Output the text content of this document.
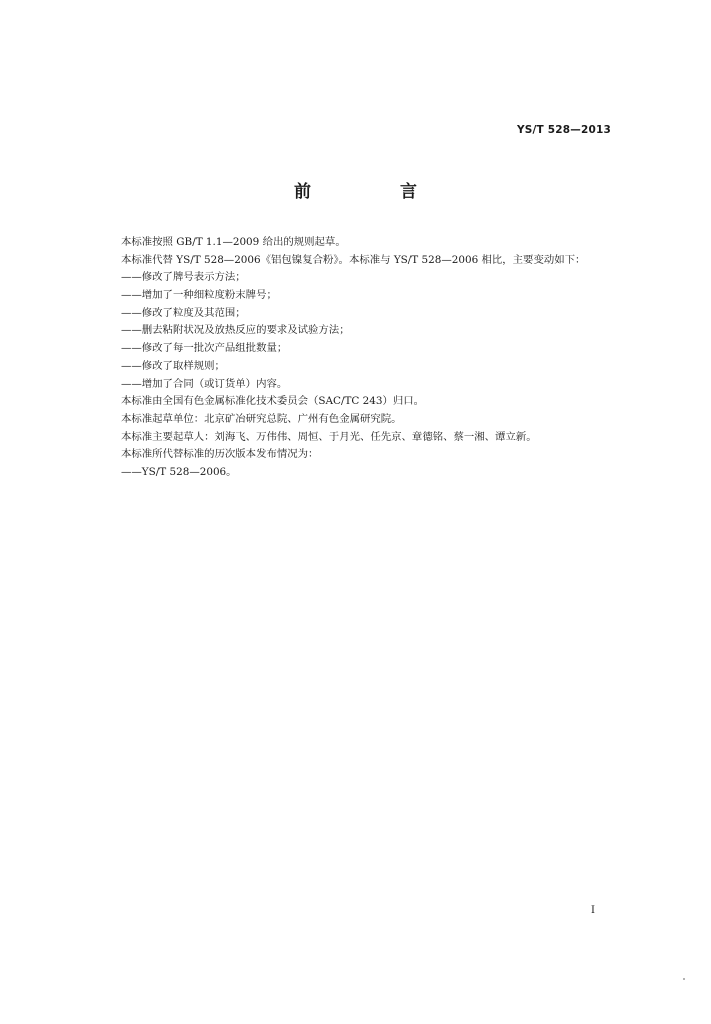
YS/T 528—2013
前　言
本标准按照 GB/T 1.1—2009 给出的规则起草。
本标准代替 YS/T 528—2006《铝包镍复合粉》。本标准与 YS/T 528—2006 相比，主要变动如下：
——修改了牌号表示方法；
——增加了一种细粒度粉末牌号；
——修改了粒度及其范围；
——删去粘附状况及放热反应的要求及试验方法；
——修改了每一批次产品组批数量；
——修改了取样规则；
——增加了合同（或订货单）内容。
本标准由全国有色金属标准化技术委员会（SAC/TC 243）归口。
本标准起草单位：北京矿冶研究总院、广州有色金属研究院。
本标准主要起草人：刘海飞、万伟伟、周恒、于月光、任先京、章德铭、蔡一湘、谭立新。
本标准所代替标准的历次版本发布情况为：
——YS/T 528—2006。
I
